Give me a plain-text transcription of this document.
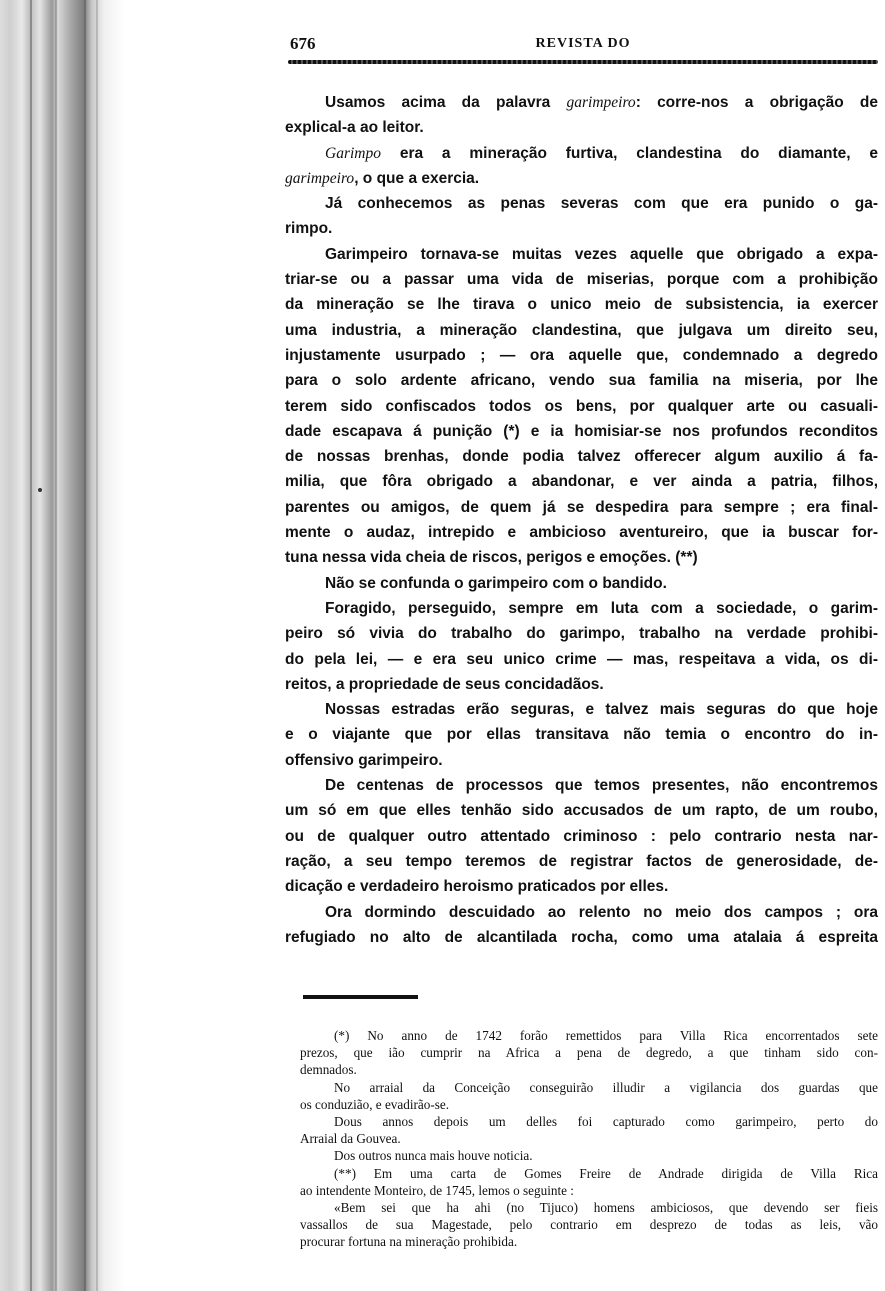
676	REVISTA DO
Usamos acima da palavra garimpeiro: corre-nos a obrigação de
explical-a ao leitor.
Garimpo era a mineração furtiva, clandestina do diamante, e
garimpeiro, o que a exercia.
Já conhecemos as penas severas com que era punido o ga-
rimpo.
Garimpeiro tornava-se muitas vezes aquelle que obrigado a expa-
triar-se ou a passar uma vida de miserias, porque com a prohibição
da mineração se lhe tirava o unico meio de subsistencia, ia exercer
uma industria, a mineração clandestina, que julgava um direito seu,
injustamente usurpado ; — ora aquelle que, condemnado a degredo
para o solo ardente africano, vendo sua familia na miseria, por lhe
terem sido confiscados todos os bens, por qualquer arte ou casuali-
dade escapava á punição (*) e ia homisiar-se nos profundos reconditos
de nossas brenhas, donde podia talvez offerecer algum auxilio á fa-
milia, que fôra obrigado a abandonar, e ver ainda a patria, filhos,
parentes ou amigos, de quem já se despedira para sempre ; era final-
mente o audaz, intrepido e ambicioso aventureiro, que ia buscar for-
tuna nessa vida cheia de riscos, perigos e emoções. (**)
Não se confunda o garimpeiro com o bandido.
Foragido, perseguido, sempre em luta com a sociedade, o garim-
peiro só vivia do trabalho do garimpo, trabalho na verdade prohibi-
do pela lei, — e era seu unico crime — mas, respeitava a vida, os di-
reitos, a propriedade de seus concidadãos.
Nossas estradas erão seguras, e talvez mais seguras do que hoje
e o viajante que por ellas transitava não temia o encontro do in-
offensivo garimpeiro.
De centenas de processos que temos presentes, não encontremos
um só em que elles tenhão sido accusados de um rapto, de um roubo,
ou de qualquer outro attentado criminoso : pelo contrario nesta nar-
ração, a seu tempo teremos de registrar factos de generosidade, de-
dicação e verdadeiro heroismo praticados por elles.
Ora dormindo descuidado ao relento no meio dos campos ; ora
refugiado no alto de alcantilada rocha, como uma atalaia á espreita
(*) No anno de 1742 forão remettidos para Villa Rica encorrentados sete
prezos, que ião cumprir na Africa a pena de degredo, a que tinham sido con-
demnados.
No arraial da Conceição conseguirão illudir a vigilancia dos guardas que
os conduzião, e evadirão-se.
Dous annos depois um delles foi capturado como garimpeiro, perto do
Arraial da Gouvea.
Dos outros nunca mais houve noticia.
(**) Em uma carta de Gomes Freire de Andrade dirigida de Villa Rica
ao intendente Monteiro, de 1745, lemos o seguinte :
«Bem sei que ha ahi (no Tijuco) homens ambiciosos, que devendo ser fieis
vassallos de sua Magestade, pelo contrario em desprezo de todas as leis, vão
procurar fortuna na mineração prohibida.
